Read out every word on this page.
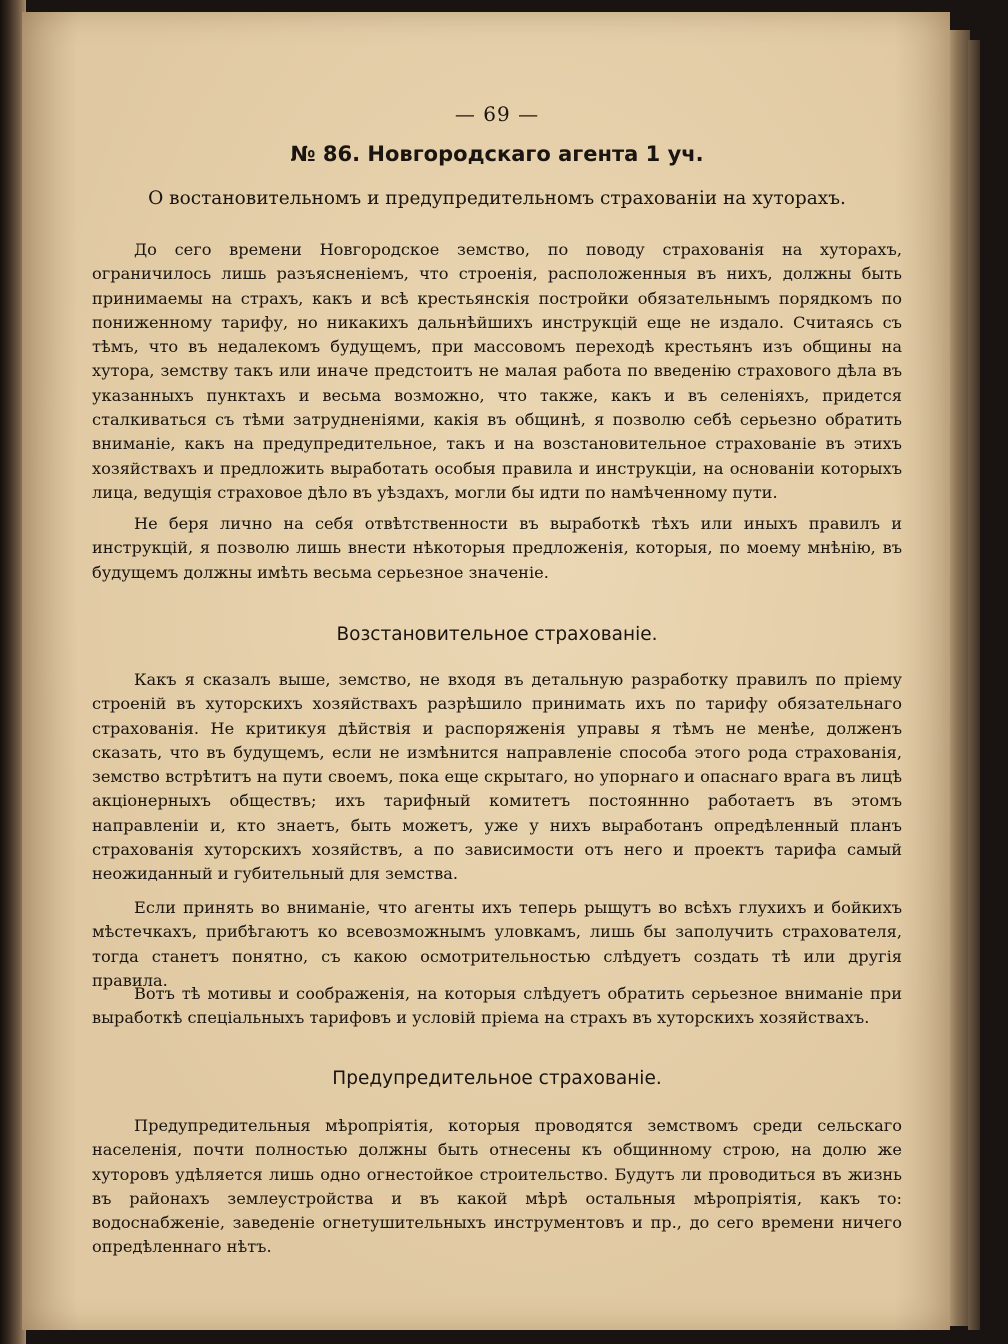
— 69 —
№ 86. Новгородскаго агента 1 уч.
О востановительномъ и предупредительномъ страхованіи на хуторахъ.

До сего времени Новгородское земство, по поводу страхованія на хуторахъ, ограничилось лишь разъясненіемъ, что строенія, расположенныя въ нихъ, должны быть принимаемы на страхъ, какъ и всѣ крестьянскія постройки обязательнымъ порядкомъ по пониженному тарифу, но никакихъ дальнѣйшихъ инструкцій еще не издало. Считаясь съ тѣмъ, что въ недалекомъ будущемъ, при массовомъ переходѣ крестьянъ изъ общины на хутора, земству такъ или иначе предстоитъ не малая работа по введенію страхового дѣла въ указанныхъ пунктахъ и весьма возможно, что также, какъ и въ селеніяхъ, придется сталкиваться съ тѣми затрудненіями, какія въ общинѣ, я позволю себѣ серьезно обратить вниманіе, какъ на предупредительное, такъ и на возстановительное страхованіе въ этихъ хозяйствахъ и предложить выработать особыя правила и инструкціи, на основаніи которыхъ лица, ведущія страховое дѣло въ уѣздахъ, могли бы идти по намѣченному пути.

Не беря лично на себя отвѣтственности въ выработкѣ тѣхъ или иныхъ правилъ и инструкцій, я позволю лишь внести нѣкоторыя предложенія, которыя, по моему мнѣнію, въ будущемъ должны имѣть весьма серьезное значеніе.

Возстановительное страхованіе.

Какъ я сказалъ выше, земство, не входя въ детальную разработку правилъ по пріему строеній въ хуторскихъ хозяйствахъ разрѣшило принимать ихъ по тарифу обязательнаго страхованія. Не критикуя дѣйствія и распоряженія управы я тѣмъ не менѣе, долженъ сказать, что въ будущемъ, если не измѣнится направленіе способа этого рода страхованія, земство встрѣтитъ на пути своемъ, пока еще скрытаго, но упорнаго и опаснаго врага въ лицѣ акціонерныхъ обществъ; ихъ тарифный комитетъ постояннно работаетъ въ этомъ направленіи и, кто знаетъ, быть можетъ, уже у нихъ выработанъ опредѣленный планъ страхованія хуторскихъ хозяйствъ, а по зависимости отъ него и проектъ тарифа самый неожиданный и губительный для земства.

Если принять во вниманіе, что агенты ихъ теперь рыщутъ во всѣхъ глухихъ и бойкихъ мѣстечкахъ, прибѣгаютъ ко всевозможнымъ уловкамъ, лишь бы заполучить страхователя, тогда станетъ понятно, съ какою осмотрительностью слѣдуетъ создать тѣ или другія правила.

Вотъ тѣ мотивы и соображенія, на которыя слѣдуетъ обратить серьезное вниманіе при выработкѣ спеціальныхъ тарифовъ и условій пріема на страхъ въ хуторскихъ хозяйствахъ.

Предупредительное страхованіе.

Предупредительныя мѣропріятія, которыя проводятся земствомъ среди сельскаго населенія, почти полностью должны быть отнесены къ общинному строю, на долю же хуторовъ удѣляется лишь одно огнестойкое строительство. Будутъ ли проводиться въ жизнь въ районахъ землеустройства и въ какой мѣрѣ остальныя мѣропріятія, какъ то: водоснабженіе, заведеніе огнетушительныхъ инструментовъ и пр., до сего времени ничего опредѣленнаго нѣтъ.
